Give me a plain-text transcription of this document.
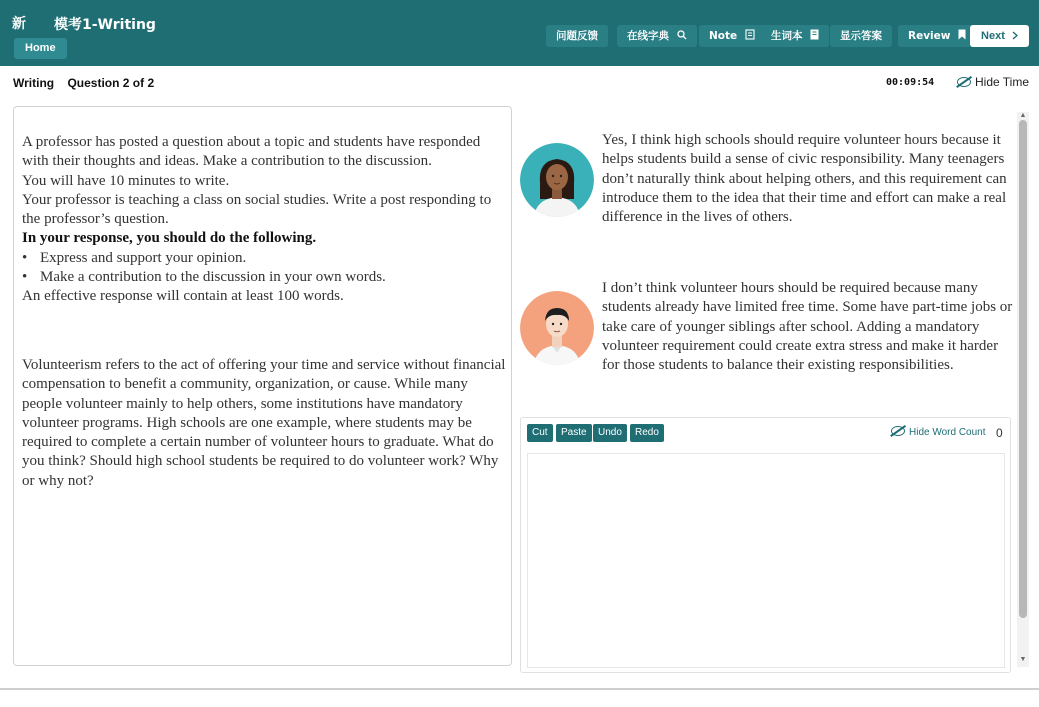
新 模考1-Writing
Home
问题反馈	在线字典	Note	生词本	显示答案	Review	Next
Writing Question 2 of 2	00:09:54	Hide Time
A professor has posted a question about a topic and students have responded with their thoughts and ideas. Make a contribution to the discussion.
You will have 10 minutes to write.
Your professor is teaching a class on social studies. Write a post responding to the professor’s question.
In your response, you should do the following.
• Express and support your opinion.
• Make a contribution to the discussion in your own words.
An effective response will contain at least 100 words.
Volunteerism refers to the act of offering your time and service without financial compensation to benefit a community, organization, or cause. While many people volunteer mainly to help others, some institutions have mandatory volunteer programs. High schools are one example, where students may be required to complete a certain number of volunteer hours to graduate. What do you think? Should high school students be required to do volunteer work? Why or why not?
Yes, I think high schools should require volunteer hours because it helps students build a sense of civic responsibility. Many teenagers don’t naturally think about helping others, and this requirement can introduce them to the idea that their time and effort can make a real difference in the lives of others.
I don’t think volunteer hours should be required because many students already have limited free time. Some have part-time jobs or take care of younger siblings after school. Adding a mandatory volunteer requirement could create extra stress and make it harder for those students to balance their existing responsibilities.
Cut	Paste	Undo	Redo	Hide Word Count 0
▲
▼
